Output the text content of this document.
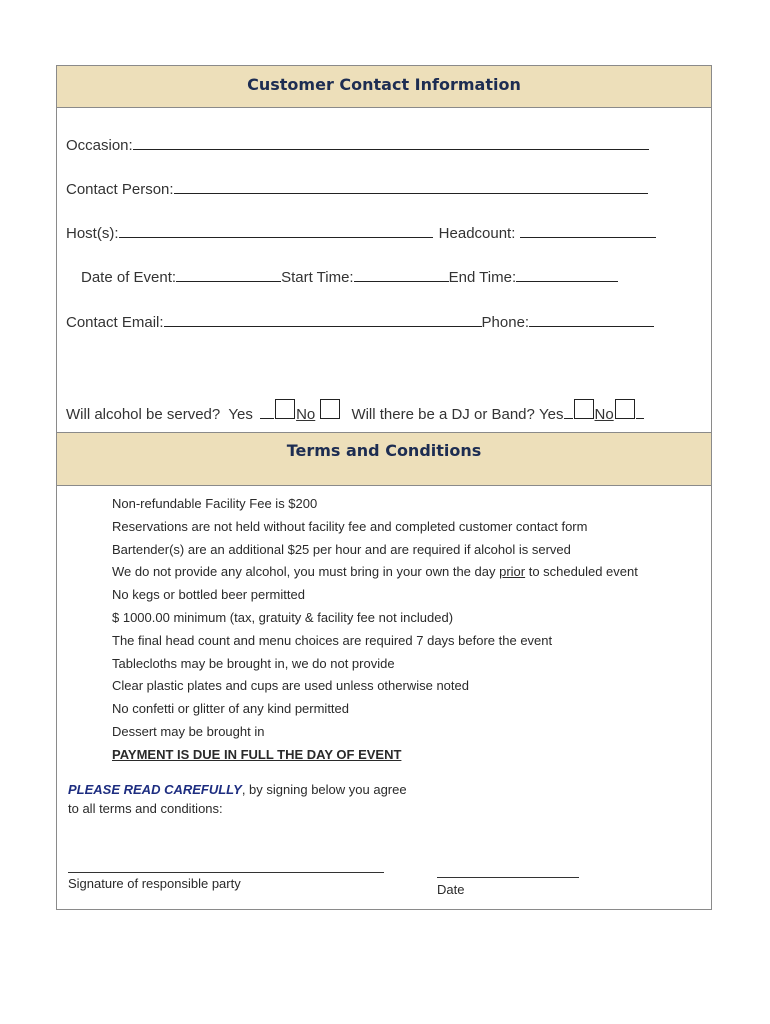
Customer Contact Information
Occasion:
Contact Person:
Host(s):	Headcount:
Date of Event:	Start Time:	End Time:
Contact Email:	Phone:
Will alcohol be served? Yes	No Will there be a DJ or Band? Yes No
Terms and Conditions
Non-refundable Facility Fee is $200
Reservations are not held without facility fee and completed customer contact form
Bartender(s) are an additional $25 per hour and are required if alcohol is served
We do not provide any alcohol, you must bring in your own the day prior to scheduled event
No kegs or bottled beer permitted
$ 1000.00 minimum (tax, gratuity & facility fee not included)
The final head count and menu choices are required 7 days before the event
Tablecloths may be brought in, we do not provide
Clear plastic plates and cups are used unless otherwise noted
No confetti or glitter of any kind permitted
Dessert may be brought in
PAYMENT IS DUE IN FULL THE DAY OF EVENT
PLEASE READ CAREFULLY, by signing below you agree
to all terms and conditions:
Signature of responsible party	Date
